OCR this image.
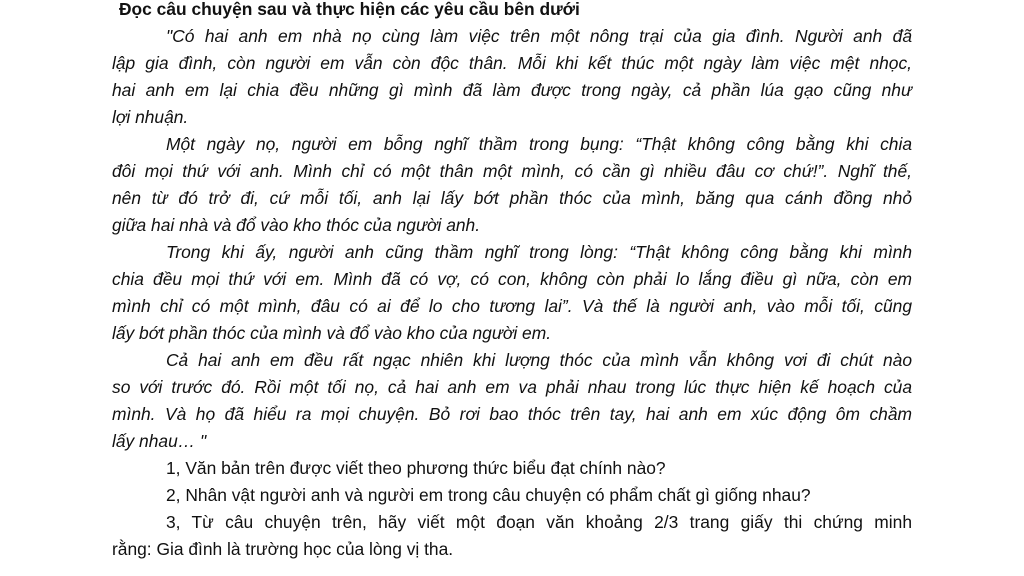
Đọc câu chuyện sau và thực hiện các yêu cầu bên dưới
"Có hai anh em nhà nọ cùng làm việc trên một nông trại của gia đình. Người anh đã
lập gia đình, còn người em vẫn còn độc thân. Mỗi khi kết thúc một ngày làm việc mệt nhọc,
hai anh em lại chia đều những gì mình đã làm được trong ngày, cả phần lúa gạo cũng như
lợi nhuận.
Một ngày nọ, người em bỗng nghĩ thầm trong bụng: “Thật không công bằng khi chia
đôi mọi thứ với anh. Mình chỉ có một thân một mình, có cần gì nhiều đâu cơ chứ!”. Nghĩ thế,
nên từ đó trở đi, cứ mỗi tối, anh lại lấy bớt phần thóc của mình, băng qua cánh đồng nhỏ
giữa hai nhà và đổ vào kho thóc của người anh.
Trong khi ấy, người anh cũng thầm nghĩ trong lòng: “Thật không công bằng khi mình
chia đều mọi thứ với em. Mình đã có vợ, có con, không còn phải lo lắng điều gì nữa, còn em
mình chỉ có một mình, đâu có ai để lo cho tương lai”. Và thế là người anh, vào mỗi tối, cũng
lấy bớt phần thóc của mình và đổ vào kho của người em.
Cả hai anh em đều rất ngạc nhiên khi lượng thóc của mình vẫn không vơi đi chút nào
so với trước đó. Rồi một tối nọ, cả hai anh em va phải nhau trong lúc thực hiện kế hoạch của
mình. Và họ đã hiểu ra mọi chuyện. Bỏ rơi bao thóc trên tay, hai anh em xúc động ôm chầm
lấy nhau… "
1, Văn bản trên được viết theo phương thức biểu đạt chính nào?
2, Nhân vật người anh và người em trong câu chuyện có phẩm chất gì giống nhau?
3, Từ câu chuyện trên, hãy viết một đoạn văn khoảng 2/3 trang giấy thi chứng minh
rằng: Gia đình là trường học của lòng vị tha.
